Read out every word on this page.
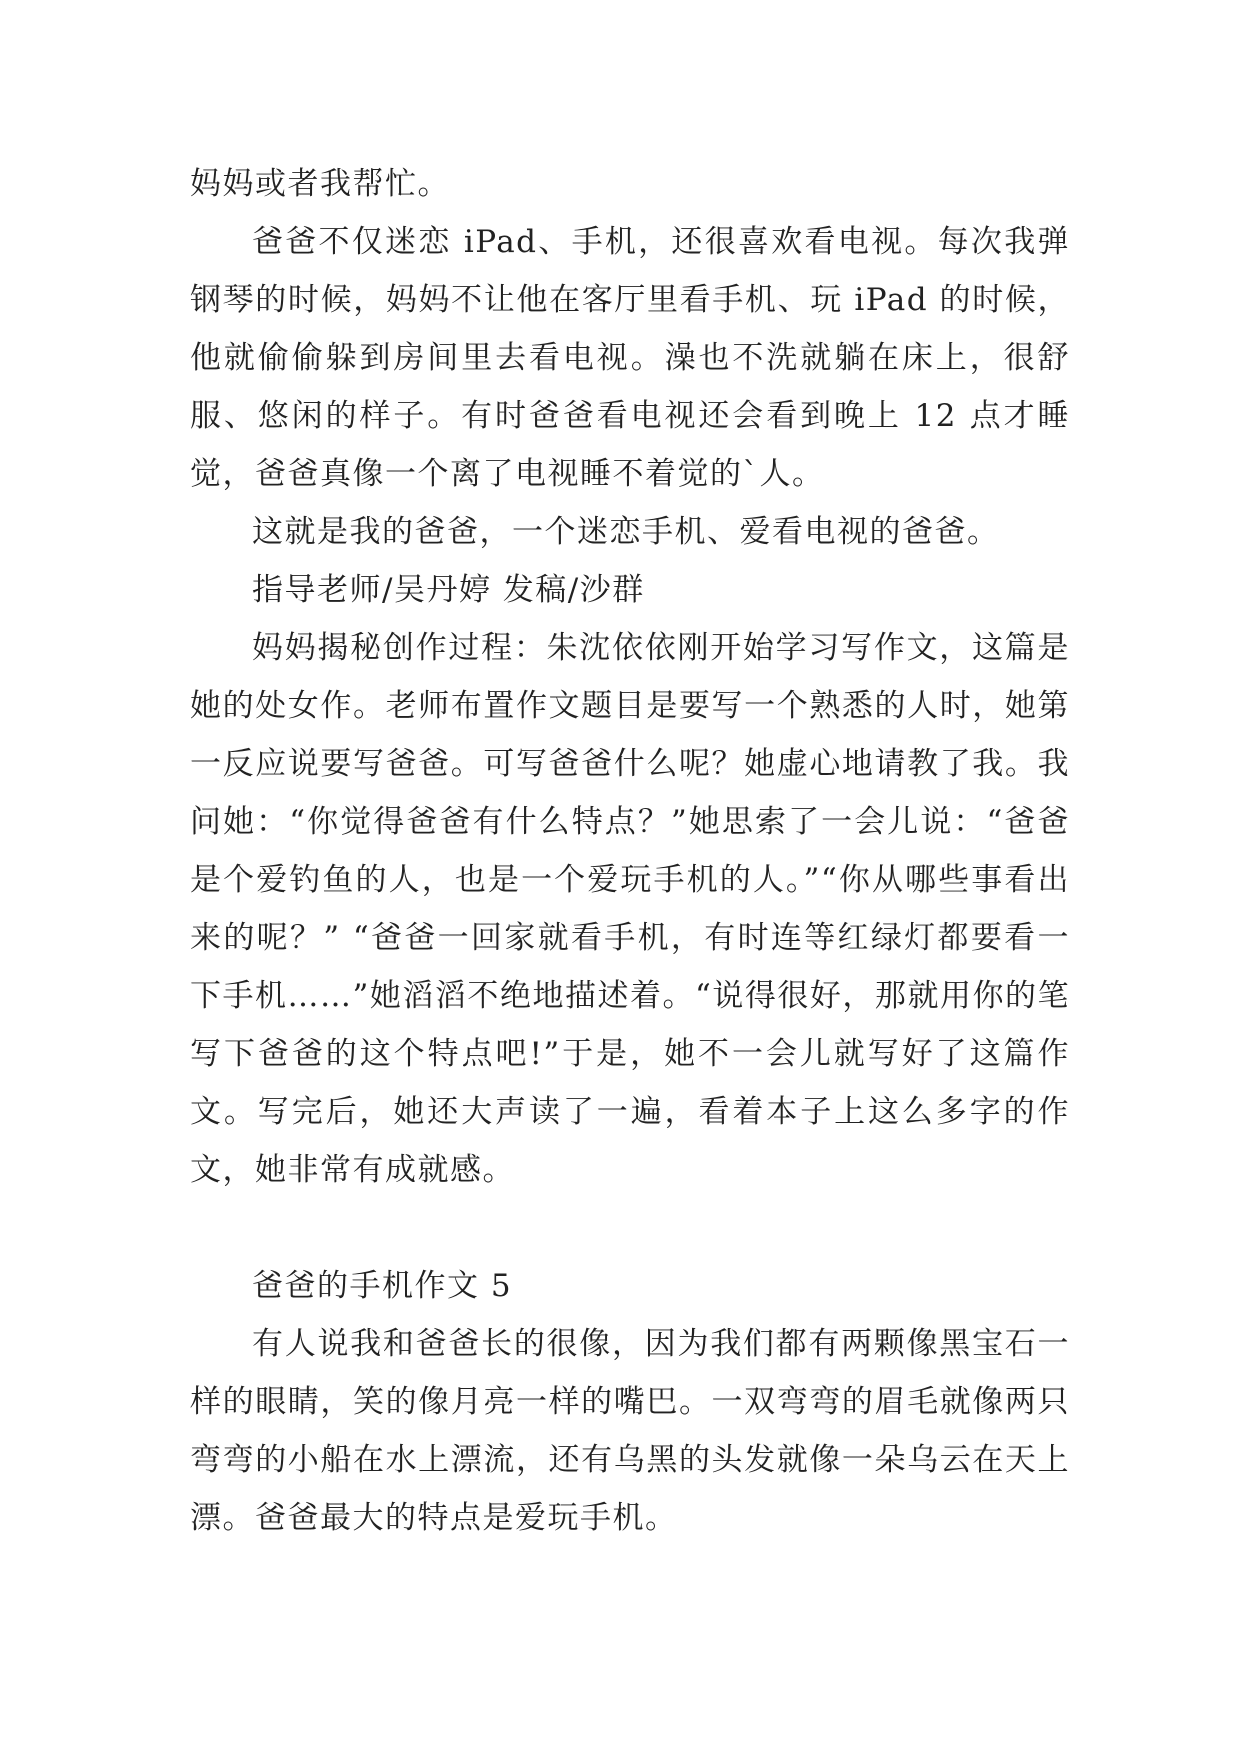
妈妈或者我帮忙。

爸爸不仅迷恋 iPad、手机，还很喜欢看电视。每次我弹钢琴的时候，妈妈不让他在客厅里看手机、玩 iPad 的时候，他就偷偷躲到房间里去看电视。澡也不洗就躺在床上，很舒服、悠闲的样子。有时爸爸看电视还会看到晚上 12 点才睡觉，爸爸真像一个离了电视睡不着觉的`人。

这就是我的爸爸，一个迷恋手机、爱看电视的爸爸。

指导老师/吴丹婷 发稿/沙群

妈妈揭秘创作过程：朱沈依依刚开始学习写作文，这篇是她的处女作。老师布置作文题目是要写一个熟悉的人时，她第一反应说要写爸爸。可写爸爸什么呢？她虚心地请教了我。我问她：“你觉得爸爸有什么特点？”她思索了一会儿说：“爸爸是个爱钓鱼的人，也是一个爱玩手机的人。”“你从哪些事看出来的呢？” “爸爸一回家就看手机，有时连等红绿灯都要看一下手机……”她滔滔不绝地描述着。“说得很好，那就用你的笔写下爸爸的这个特点吧!”于是，她不一会儿就写好了这篇作文。写完后，她还大声读了一遍，看着本子上这么多字的作文，她非常有成就感。

爸爸的手机作文 5

有人说我和爸爸长的很像，因为我们都有两颗像黑宝石一样的眼睛，笑的像月亮一样的嘴巴。一双弯弯的眉毛就像两只弯弯的小船在水上漂流，还有乌黑的头发就像一朵乌云在天上漂。爸爸最大的特点是爱玩手机。
